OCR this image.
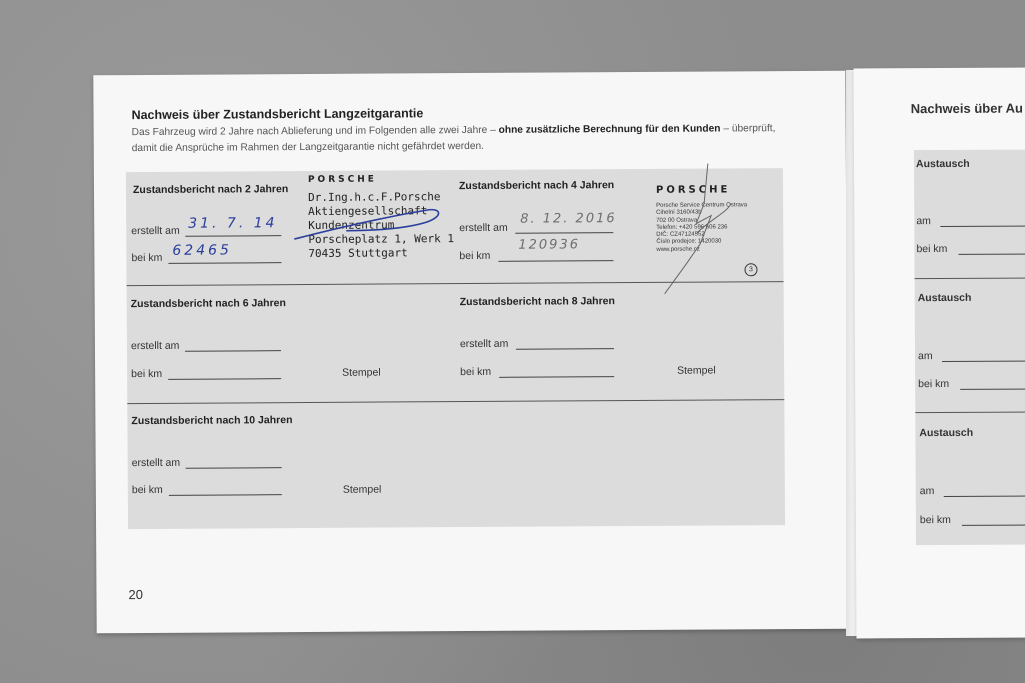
Nachweis über Zustandsbericht Langzeitgarantie
Das Fahrzeug wird 2 Jahre nach Ablieferung und im Folgenden alle zwei Jahre – ohne zusätzliche Berechnung für den Kunden – überprüft, damit die Ansprüche im Rahmen der Langzeitgarantie nicht gefährdet werden.
Zustandsbericht nach 2 Jahren
erstellt am 31. 7. 14
bei km 62465
PORSCHE
Dr.Ing.h.c.F.Porsche
Aktiengesellschaft
Kundenzentrum
Porscheplatz 1, Werk 1
70435 Stuttgart
Zustandsbericht nach 4 Jahren
erstellt am
8. 12. 2016
bei km
120936
PORSCHE
Porsche Service Centrum Ostrava
Cihelní 3160/43b
702 00 Ostrava
Telefon: +420 596 606 236
DIČ: CZ47124552
Číslo prodejce: 1420030
www.porsche.cz
3
Zustandsbericht nach 6 Jahren
erstellt am
bei km	Stempel
Zustandsbericht nach 8 Jahren
erstellt am
bei km	Stempel
Zustandsbericht nach 10 Jahren
erstellt am
bei km	Stempel
20
Nachweis über Au
Austausch
am
bei km
Austausch
am
bei km
Austausch
am
bei km
